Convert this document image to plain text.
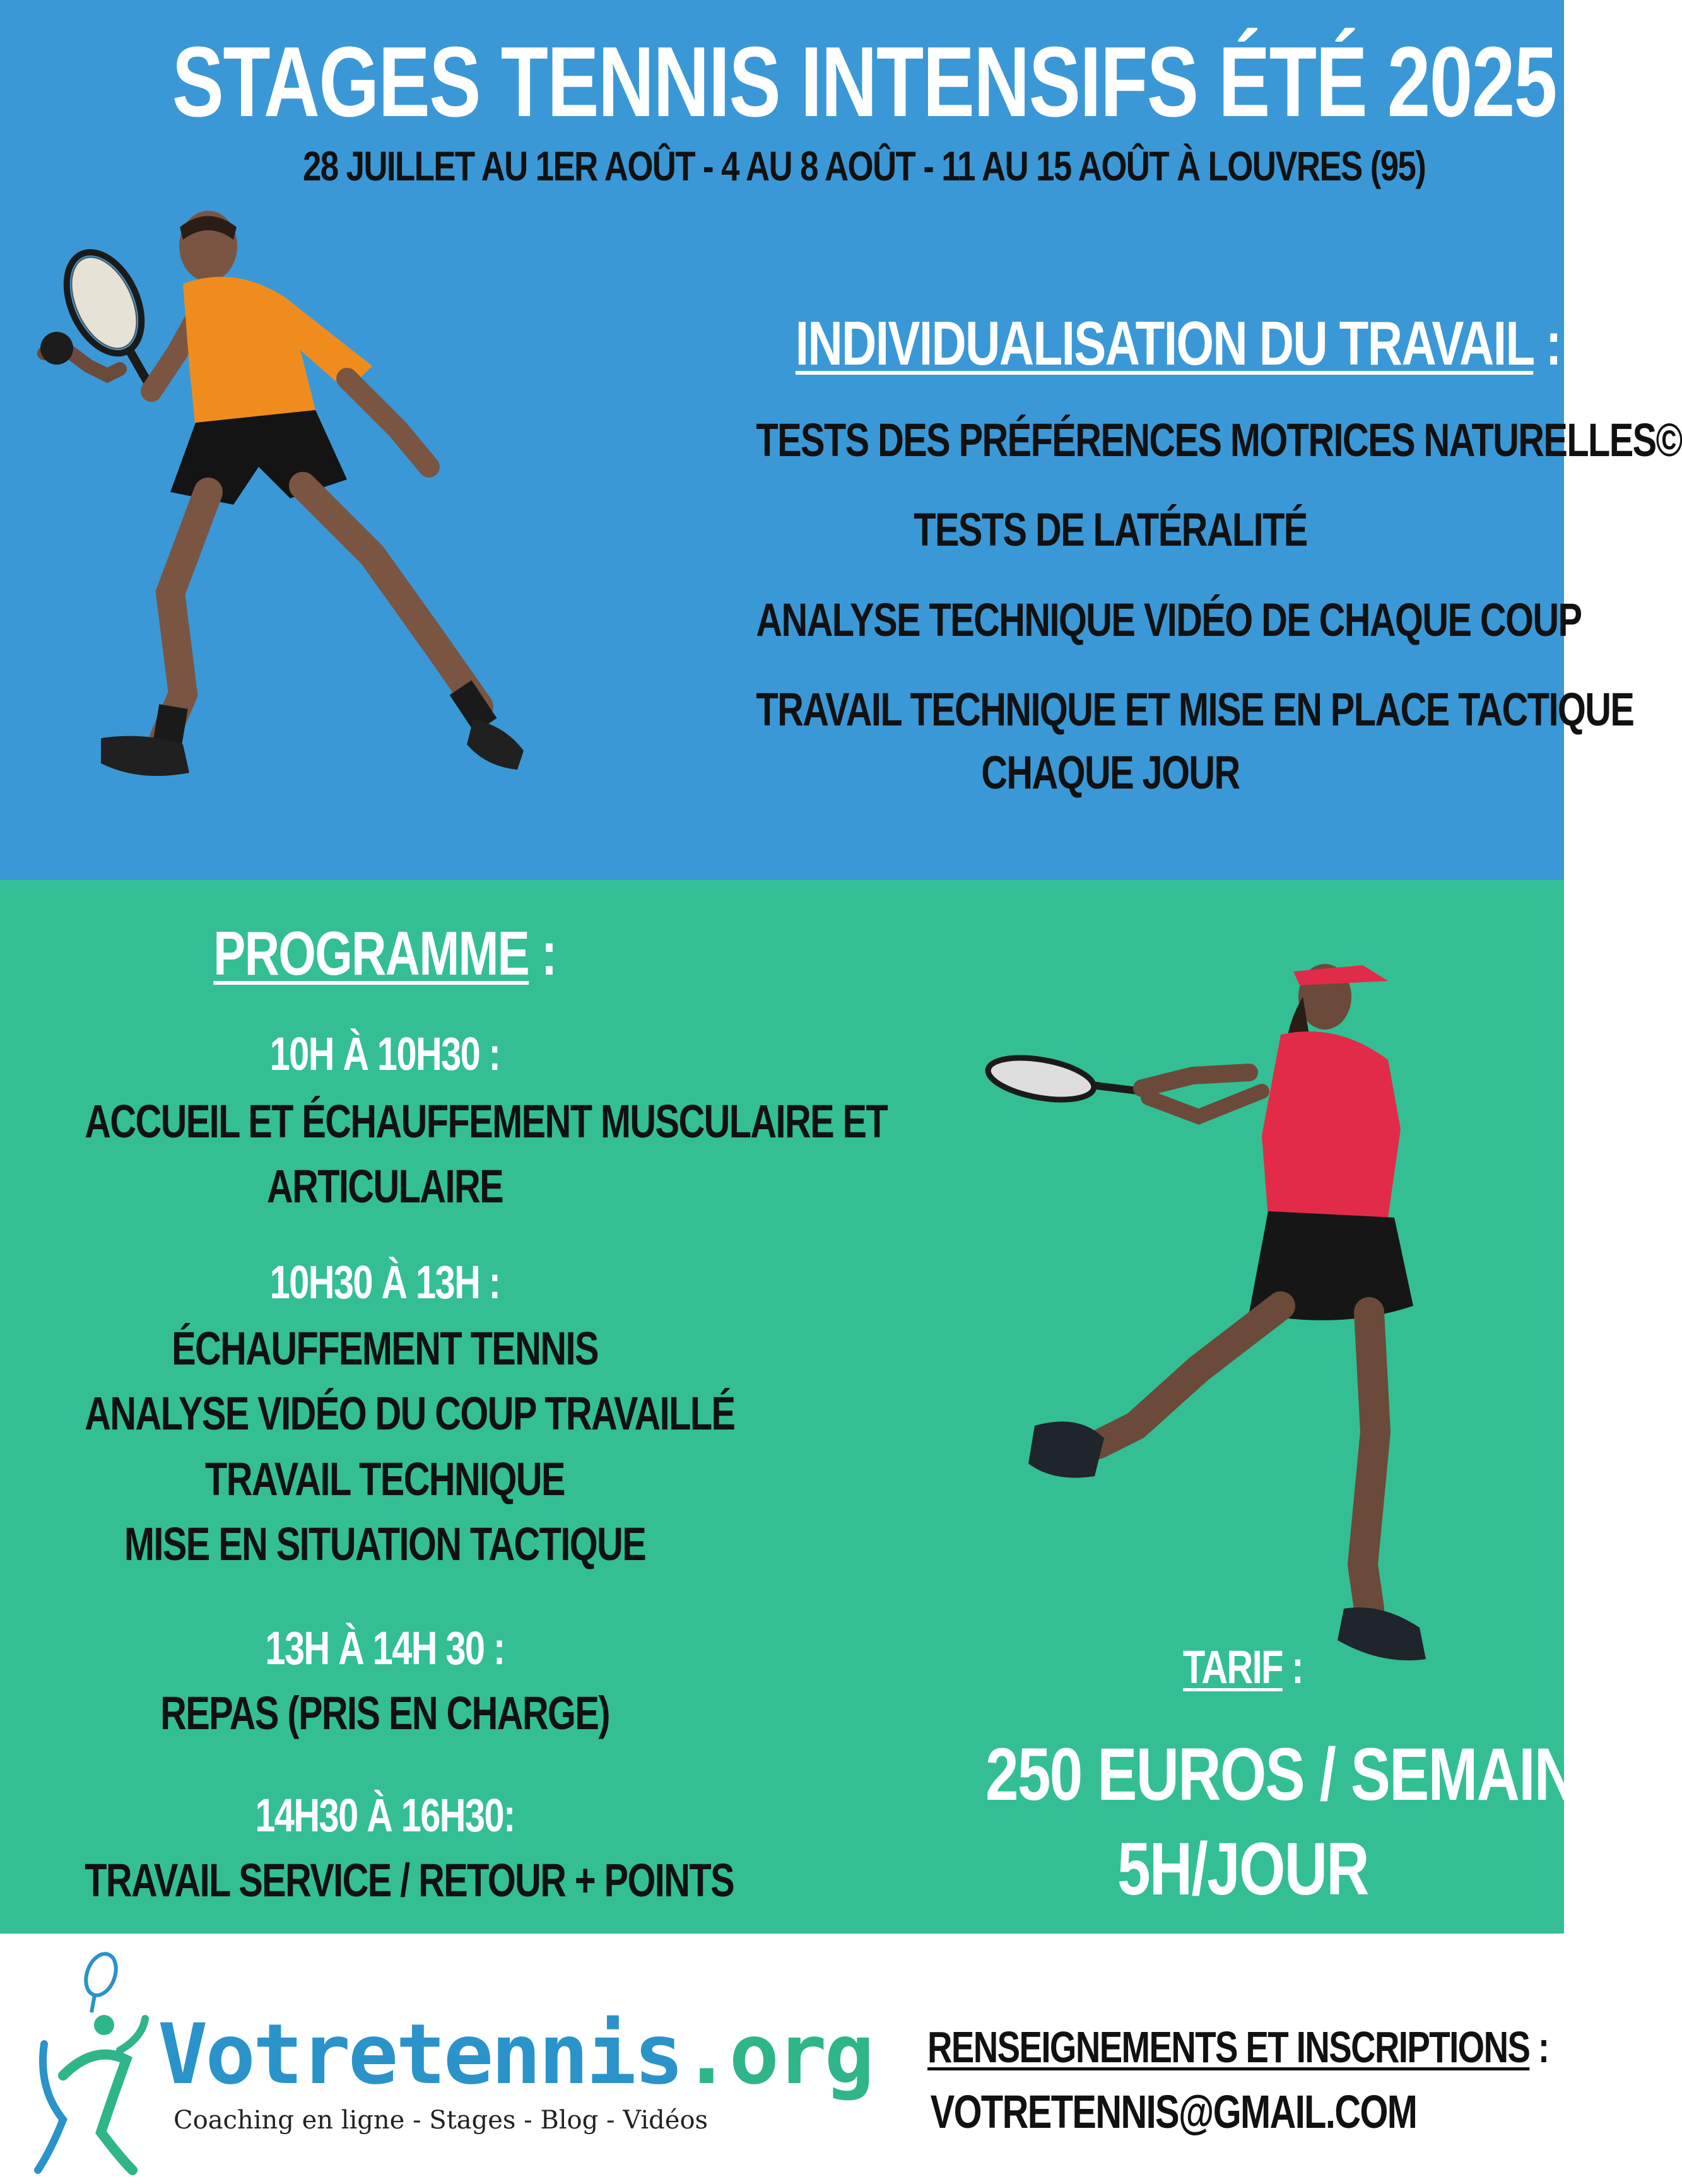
STAGES TENNIS INTENSIFS ÉTÉ 2025
28 JUILLET AU 1ER AOÛT - 4 AU 8 AOÛT - 11 AU 15 AOÛT À LOUVRES (95)
INDIVIDUALISATION DU TRAVAIL :
TESTS DES PRÉFÉRENCES MOTRICES NATURELLES©
TESTS DE LATÉRALITÉ
ANALYSE TECHNIQUE VIDÉO DE CHAQUE COUP
TRAVAIL TECHNIQUE ET MISE EN PLACE TACTIQUE
CHAQUE JOUR
PROGRAMME :
10H À 10H30 :
ACCUEIL ET ÉCHAUFFEMENT MUSCULAIRE ET
ARTICULAIRE
10H30 À 13H :
ÉCHAUFFEMENT TENNIS
ANALYSE VIDÉO DU COUP TRAVAILLÉ
TRAVAIL TECHNIQUE
MISE EN SITUATION TACTIQUE
13H À 14H 30 :
REPAS (PRIS EN CHARGE)
14H30 À 16H30:
TRAVAIL SERVICE / RETOUR + POINTS
TARIF :
250 EUROS / SEMAINE
5H/JOUR
Votretennis.org
Coaching en ligne - Stages - Blog - Vidéos
RENSEIGNEMENTS ET INSCRIPTIONS :
VOTRETENNIS@GMAIL.COM
